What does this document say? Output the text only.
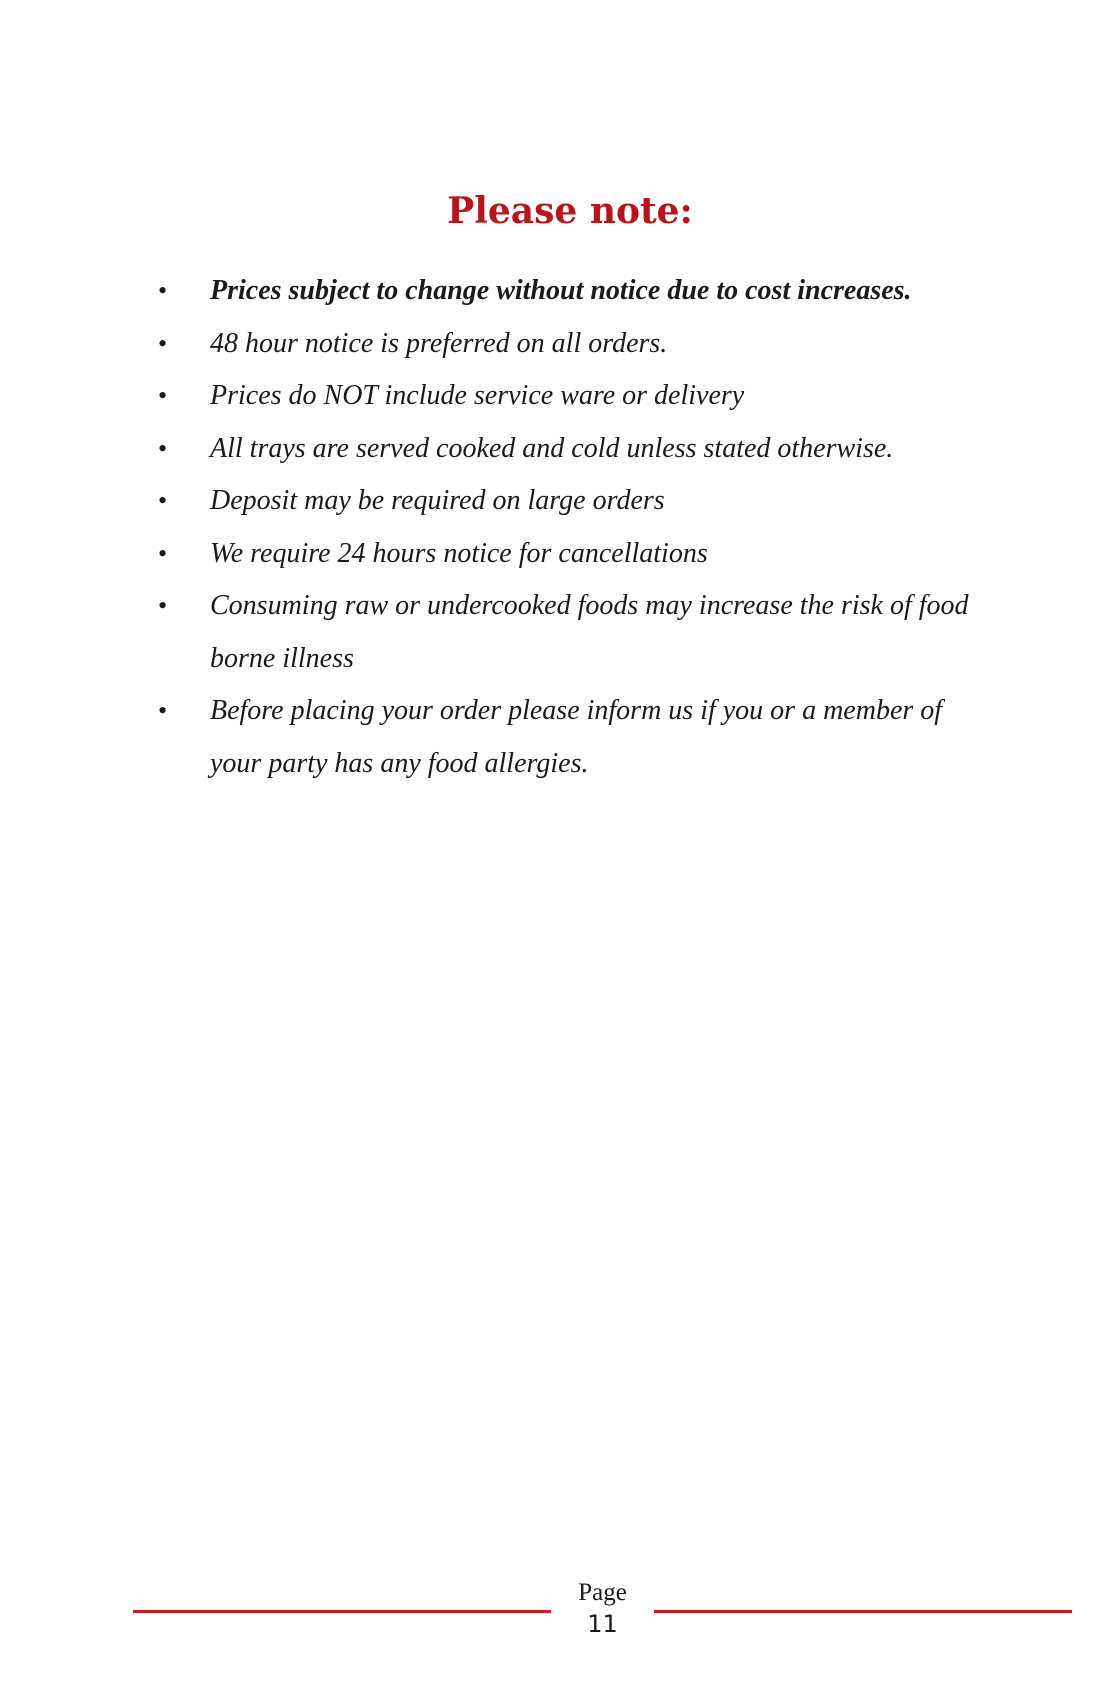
Please note:
• Prices subject to change without notice due to cost increases.
• 48 hour notice is preferred on all orders.
• Prices do NOT include service ware or delivery
• All trays are served cooked and cold unless stated otherwise.
• Deposit may be required on large orders
• We require 24 hours notice for cancellations
• Consuming raw or undercooked foods may increase the risk of food borne illness
• Before placing your order please inform us if you or a member of your party has any food allergies.
Page
11
